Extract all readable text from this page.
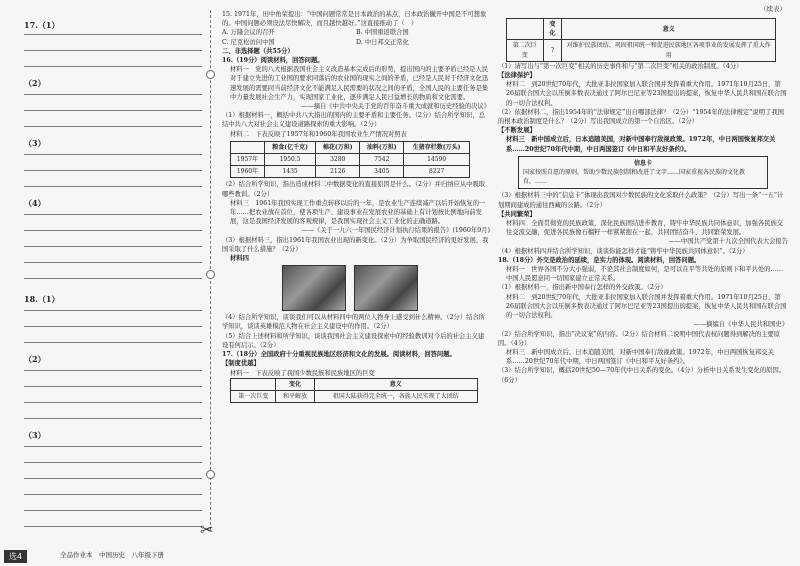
（续表）
17.（1）
（2）
（3）
（4）
18.（1）
（2）
（3）
✂

15. 1971年，田中角荣提出：“中国问题常常是日本政治的基点，日本政治撇开中国是不可想象的。中国问题必须设法尽快解决，而且越快越好。”这直接推动了（　）

A. 万隆会议的召开	B. 中国重返联合国
C. 尼克松访问中国	D. 中日邦交正常化

二、非选择题（共55分）

16.（19分）阅读材料，回答问题。

材料一　党的八大根据我国社会主义改造基本完成后的形势，提出国内的主要矛盾已经是人民对于建立先进的工业国的要求同落后的农业国的现实之间的矛盾，已经是人民对于经济文化迅速发展的需要同当前经济文化不能满足人民需要的状况之间的矛盾，全国人民的主要任务是集中力量发展社会生产力，实现国家工业化，逐步满足人民日益增长的物质和文化需要。

——摘自《中共中央关于党的百年奋斗重大成就和历史经验的决议》

（1）根据材料一，概括中共八大指出的国内的主要矛盾和主要任务。（2分）结合所学知识，总结中共八大对社会主义建设道路探索的重大影响。（2分）

材料二　下表反映了1957年和1960年我国农业生产情况对照表

	粮食(亿千克)	棉花(万担)	油料(万担)	生猪存栏数(万头)
1957年	1950.5	3280	7542	14590
1960年	1435	2126	3405	8227

（2）结合所学知识，指出造成材料二中数据变化的直接原因是什么。（2分）并归纳应从中吸取哪些教训。（2分）

材料三　1961年我国实现工作重点转移以后的一年，是农业生产连续减产以后开始恢复的一年……把农业放在首位，使各项生产、建设事业在发展农业的基础上有计划按比例地向前发展，这是我国经济发展的客观规律，是我国实现社会主义工业化的正确道路。

——《关于一九六一年国民经济计划执行结果的报告》(1960年9月)

（3）根据材料三，指出1961年我国农业出现的新变化。（2分）为争取国民经济的更好发展，我国采取了什么措施？（2分）

材料四

（4）结合所学知识，谈谈我们可以从材料四中的两位人物身上感受到什么精神。（2分）结合所学知识，谈谈英雄模范人物在社会主义建设中的作用。（2分）

（5）结合上述材料和所学知识，谈谈我国社会主义建设探索中的经验教训对今后的社会主义建设有何启示。（2分）

17.（18分）全国政府十分重视民族地区经济和文化的发展。阅读材料，回答问题。

【制度优越】

材料一　下表反映了我国少数民族和民族地区的巨变

	变化	意义
第一次巨变	和平解放	祖国大陆获得完全统一，各族人民实现了大团结
	变化	意义
第二次巨变	?	对维护民族团结、巩固祖国统一和促进民族地区各项事业的发展发挥了重大作用

（1）请写出与“第一次巨变”相关的历史事件和与“第二次巨变”相关的政治制度。（4分）

【法律保护】

材料二　到20世纪70年代，大批亚非拉国家加入联合国并发挥着重大作用。1971年10月25日，第26届联合国大会以压倒多数表决通过了阿尔巴尼亚等23国提出的提案，恢复中华人民共和国在联合国的一切合法权利。

（2）依据材料二，指出1954年的“法律规定”出自哪部法律？（2分）“1954年的法律规定”说明了我国的根本政治制度是什么？（2分）写出我国成立的第一个自治区。（2分）

【不断发展】

材料三　新中国成立后，日本追随美国，对新中国奉行敌视政策。1972年，中日两国恢复邦交关系……20世纪70年代中期，中日两国签订《中日和平友好条约》。

信息卡
国家按照自愿的原则，帮助少数民族创制和改进了文字……国家重视各民族的文化教育，……

（3）根据材料三中的“信息卡”体现出我国对少数民族的文化采取什么政策？（2分）写出一条“一五”计划期间建成的通往西藏的公路。（2分）

【共同繁荣】

材料四　全面贯彻党的民族政策，深化民族团结进步教育，铸牢中华民族共同体意识，加强各民族交往交流交融，促进各民族像石榴籽一样紧紧抱在一起，共同团结奋斗、共同繁荣发展。

——中国共产党第十九次全国代表大会报告

（4）根据材料四并结合所学知识，谈谈你能怎样才能“铸牢中华民族共同体意识”。（2分）

18.（18分）外交是政治的延续，是实力的体现。阅读材料，回答问题。

材料一　世界各国不分大小强弱，不论其社会制度如何，是可以在平等共处的原则下和平共处的……中国人民愿意同一切国家建立正常关系。

（1）根据材料一，指出新中国奉行怎样的外交政策。（2分）

材料二　到20世纪70年代，大批亚非拉国家加入联合国并发挥着重大作用。1971年10月25日，第26届联合国大会以压倒多数表决通过了阿尔巴尼亚等23国提出的提案，恢复中华人民共和国在联合国的一切合法权利。

——摘编自《中华人民共和国史》

（2）结合所学知识，指出“决议案”的内容。（2分）结合材料二说明中国代表权问题得到解决的主要原因。（4分）

材料三　新中国成立后，日本追随美国，对新中国奉行敌视政策。1972年，中日两国恢复邦交关系……20世纪70年代中期，中日两国签订《中日和平友好条约》。

（3）结合所学知识，概括20世纪50—70年代中日关系的变化。（4分）分析中日关系发生变化的原因。（6分）

选4	全品作业本　中国历史　八年级下册
